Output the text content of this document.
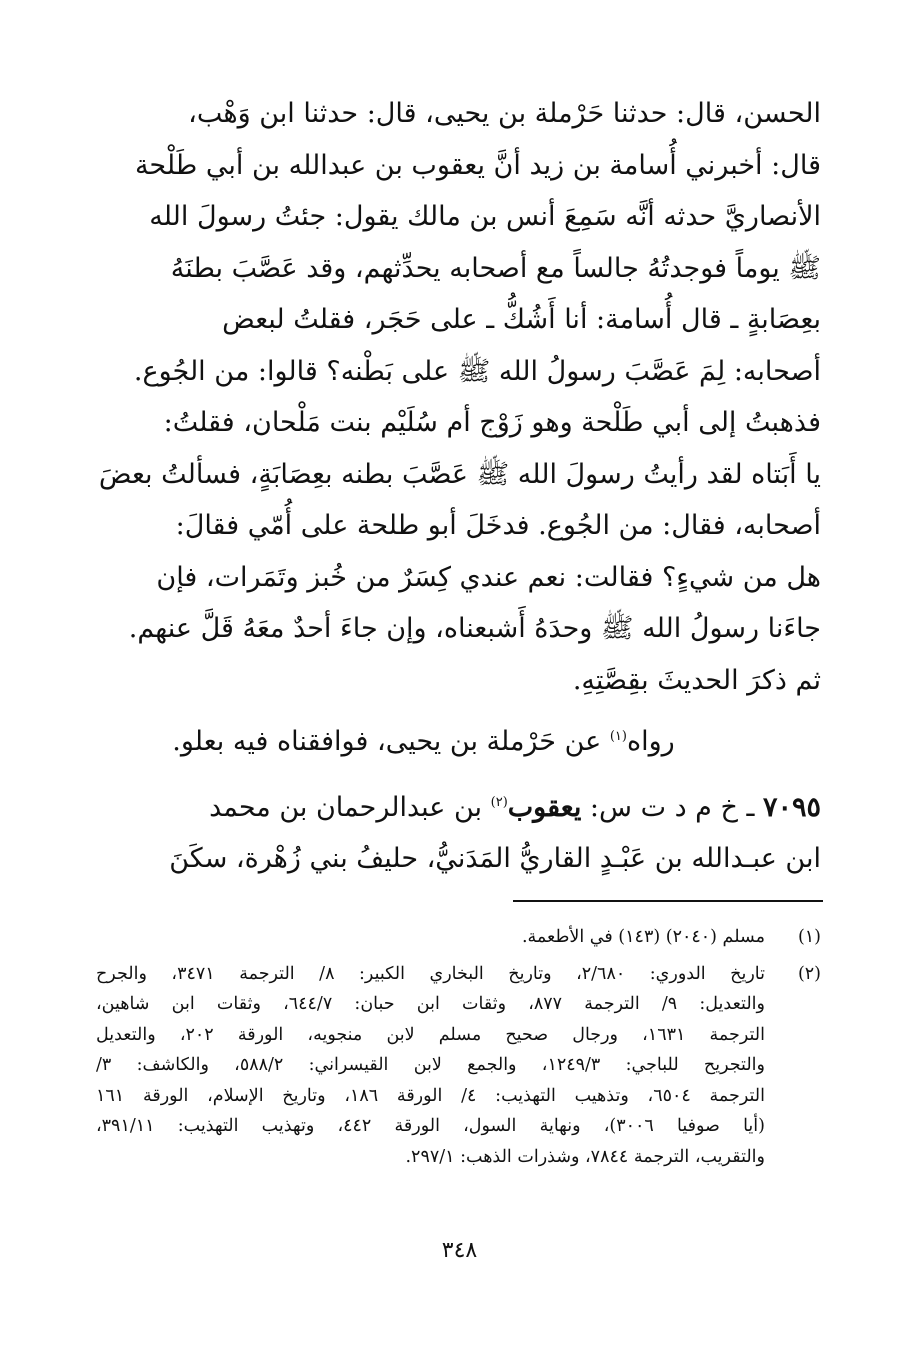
الحسن، قال: حدثنا حَرْملة بن يحيى، قال: حدثنا ابن وَهْب،
قال: أخبرني أُسامة بن زيد أنَّ يعقوب بن عبدالله بن أبي طَلْحة
الأنصاريَّ حدثه أنَّه سَمِعَ أنس بن مالك يقول: جئتُ رسولَ الله
ﷺ يوماً فوجدتُهُ جالساً مع أصحابه يحدِّثهم، وقد عَصَّبَ بطنَهُ
بعِصَابةٍ ـ قال أُسامة: أنا أَشُكُّ ـ على حَجَر، فقلتُ لبعض
أصحابه: لِمَ عَصَّبَ رسولُ الله ﷺ على بَطْنه؟ قالوا: من الجُوع.
فذهبتُ إلى أبي طَلْحة وهو زَوْج أم سُلَيْم بنت مَلْحان، فقلتُ:
يا أَبَتاه لقد رأيتُ رسولَ الله ﷺ عَصَّبَ بطنه بعِصَابَةٍ، فسألتُ بعضَ
أصحابه، فقال: من الجُوع. فدخَلَ أبو طلحة على أُمّي فقالَ:
هل من شيءٍ؟ فقالت: نعم عندي كِسَرٌ من خُبز وتَمَرات، فإن
جاءَنا رسولُ الله ﷺ وحدَهُ أَشبعناه، وإن جاءَ أحدٌ معَهُ قَلَّ عنهم.
ثم ذكرَ الحديثَ بقِصَّتِهِ.

رواه$^{(١)}$ عن حَرْملة بن يحيى، فوافقناه فيه بعلو.
٧٠٩٥ ـ خ م د ت س: يعقوب$^{(٢)}$ بن عبدالرحمان بن محمد
ابن عبـدالله بن عَبْـدٍ القاريُّ المَدَنيُّ، حليفُ بني زُهْرة، سكَنَ
(١)
مسلم (٢٠٤٠) (١٤٣) في الأطعمة.
(٢)
تاريخ الدوري: ٢/٦٨٠، وتاريخ البخاري الكبير: ٨/ الترجمة ٣٤٧١، والجرح
والتعديل: ٩/ الترجمة ٨٧٧، وثقات ابن حبان: ٦٤٤/٧، وثقات ابن شاهين،
الترجمة ١٦٣١، ورجال صحيح مسلم لابن منجويه، الورقة ٢٠٢، والتعديل
والتجريح للباجي: ١٢٤٩/٣، والجمع لابن القيسراني: ٥٨٨/٢، والكاشف: ٣/
الترجمة ٦٥٠٤، وتذهيب التهذيب: ٤/ الورقة ١٨٦، وتاريخ الإسلام، الورقة ١٦١
(أيا صوفيا ٣٠٠٦)، ونهاية السول، الورقة ٤٤٢، وتهذيب التهذيب: ٣٩١/١١،
والتقريب، الترجمة ٧٨٤٤، وشذرات الذهب: ٢٩٧/١.
٣٤٨
